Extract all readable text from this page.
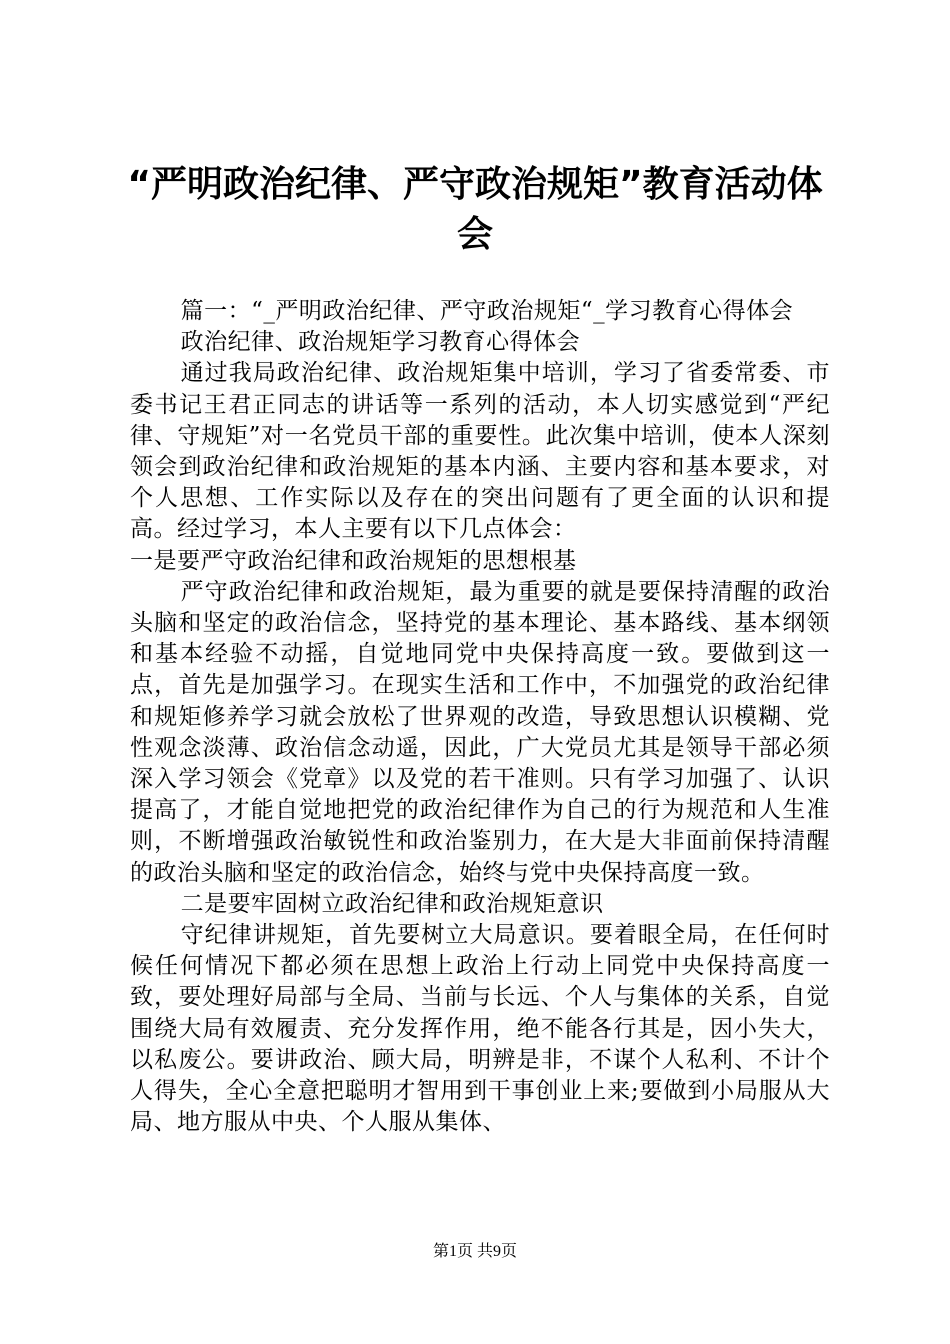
“严明政治纪律、严守政治规矩”教育活动体会

篇一：“_严明政治纪律、严守政治规矩“_学习教育心得体会

政治纪律、政治规矩学习教育心得体会

通过我局政治纪律、政治规矩集中培训，学习了省委常委、市委书记王君正同志的讲话等一系列的活动，本人切实感觉到“严纪律、守规矩”对一名党员干部的重要性。此次集中培训，使本人深刻领会到政治纪律和政治规矩的基本内涵、主要内容和基本要求，对个人思想、工作实际以及存在的突出问题有了更全面的认识和提高。经过学习，本人主要有以下几点体会：

一是要严守政治纪律和政治规矩的思想根基

严守政治纪律和政治规矩，最为重要的就是要保持清醒的政治头脑和坚定的政治信念，坚持党的基本理论、基本路线、基本纲领和基本经验不动摇，自觉地同党中央保持高度一致。要做到这一点，首先是加强学习。在现实生活和工作中，不加强党的政治纪律和规矩修养学习就会放松了世界观的改造，导致思想认识模糊、党性观念淡薄、政治信念动遥，因此，广大党员尤其是领导干部必须深入学习领会《党章》以及党的若干准则。只有学习加强了、认识提高了，才能自觉地把党的政治纪律作为自己的行为规范和人生准则，不断增强政治敏锐性和政治鉴别力，在大是大非面前保持清醒的政治头脑和坚定的政治信念，始终与党中央保持高度一致。

二是要牢固树立政治纪律和政治规矩意识

守纪律讲规矩，首先要树立大局意识。要着眼全局，在任何时候任何情况下都必须在思想上政治上行动上同党中央保持高度一致，要处理好局部与全局、当前与长远、个人与集体的关系，自觉围绕大局有效履责、充分发挥作用，绝不能各行其是，因小失大，以私废公。要讲政治、顾大局，明辨是非，不谋个人私利、不计个人得失，全心全意把聪明才智用到干事创业上来;要做到小局服从大局、地方服从中央、个人服从集体、

第1页 共9页
